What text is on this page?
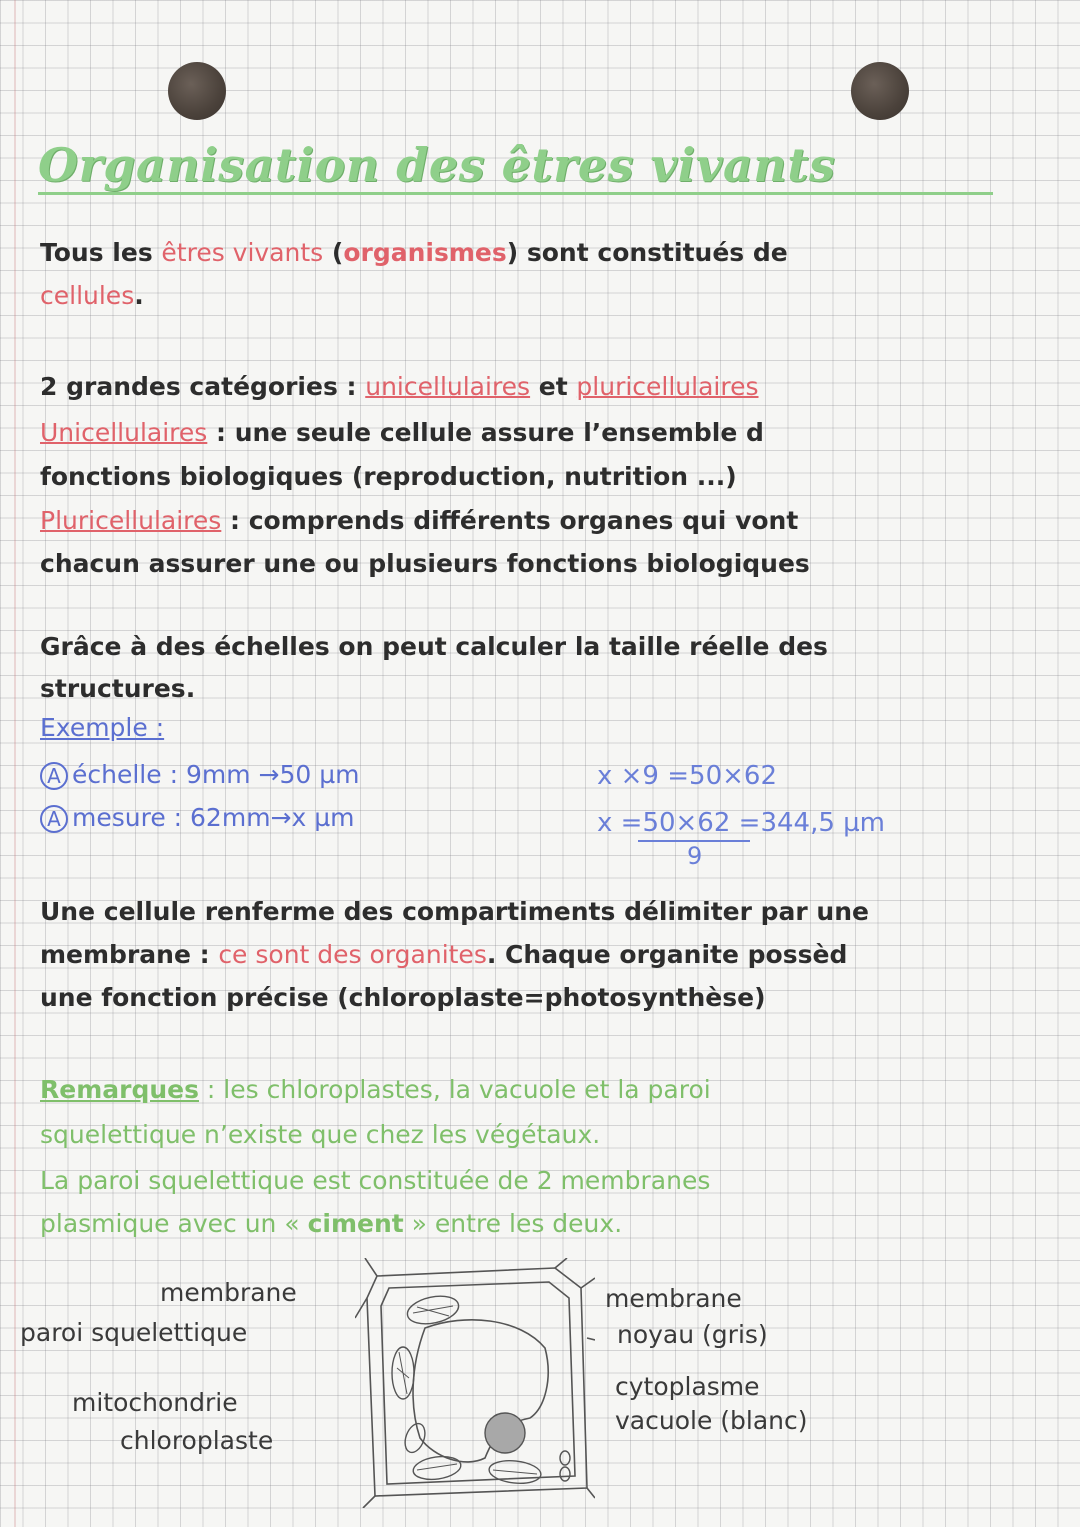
Organisation des êtres vivants
Tous les êtres vivants (organismes) sont constitués de
cellules.
2 grandes catégories : unicellulaires et pluricellulaires
Unicellulaires : une seule cellule assure l’ensemble d
fonctions biologiques (reproduction, nutrition ...)
Pluricellulaires : comprends différents organes qui vont
chacun assurer une ou plusieurs fonctions biologiques
Grâce à des échelles on peut calculer la taille réelle des
structures.
Exemple :
A échelle : 9mm →50 µm
A mesure : 62mm→x µm
x ×9 =50×62
x =50×62 =344,5 µm
9
Une cellule renferme des compartiments délimiter par une
membrane : ce sont des organites. Chaque organite possèd
une fonction précise (chloroplaste=photosynthèse)
Remarques : les chloroplastes, la vacuole et la paroi
squelettique n’existe que chez les végétaux.
La paroi squelettique est constituée de 2 membranes
plasmique avec un « ciment » entre les deux.
membrane
paroi squelettique
mitochondrie
chloroplaste
membrane
noyau (gris)
cytoplasme
vacuole (blanc)
